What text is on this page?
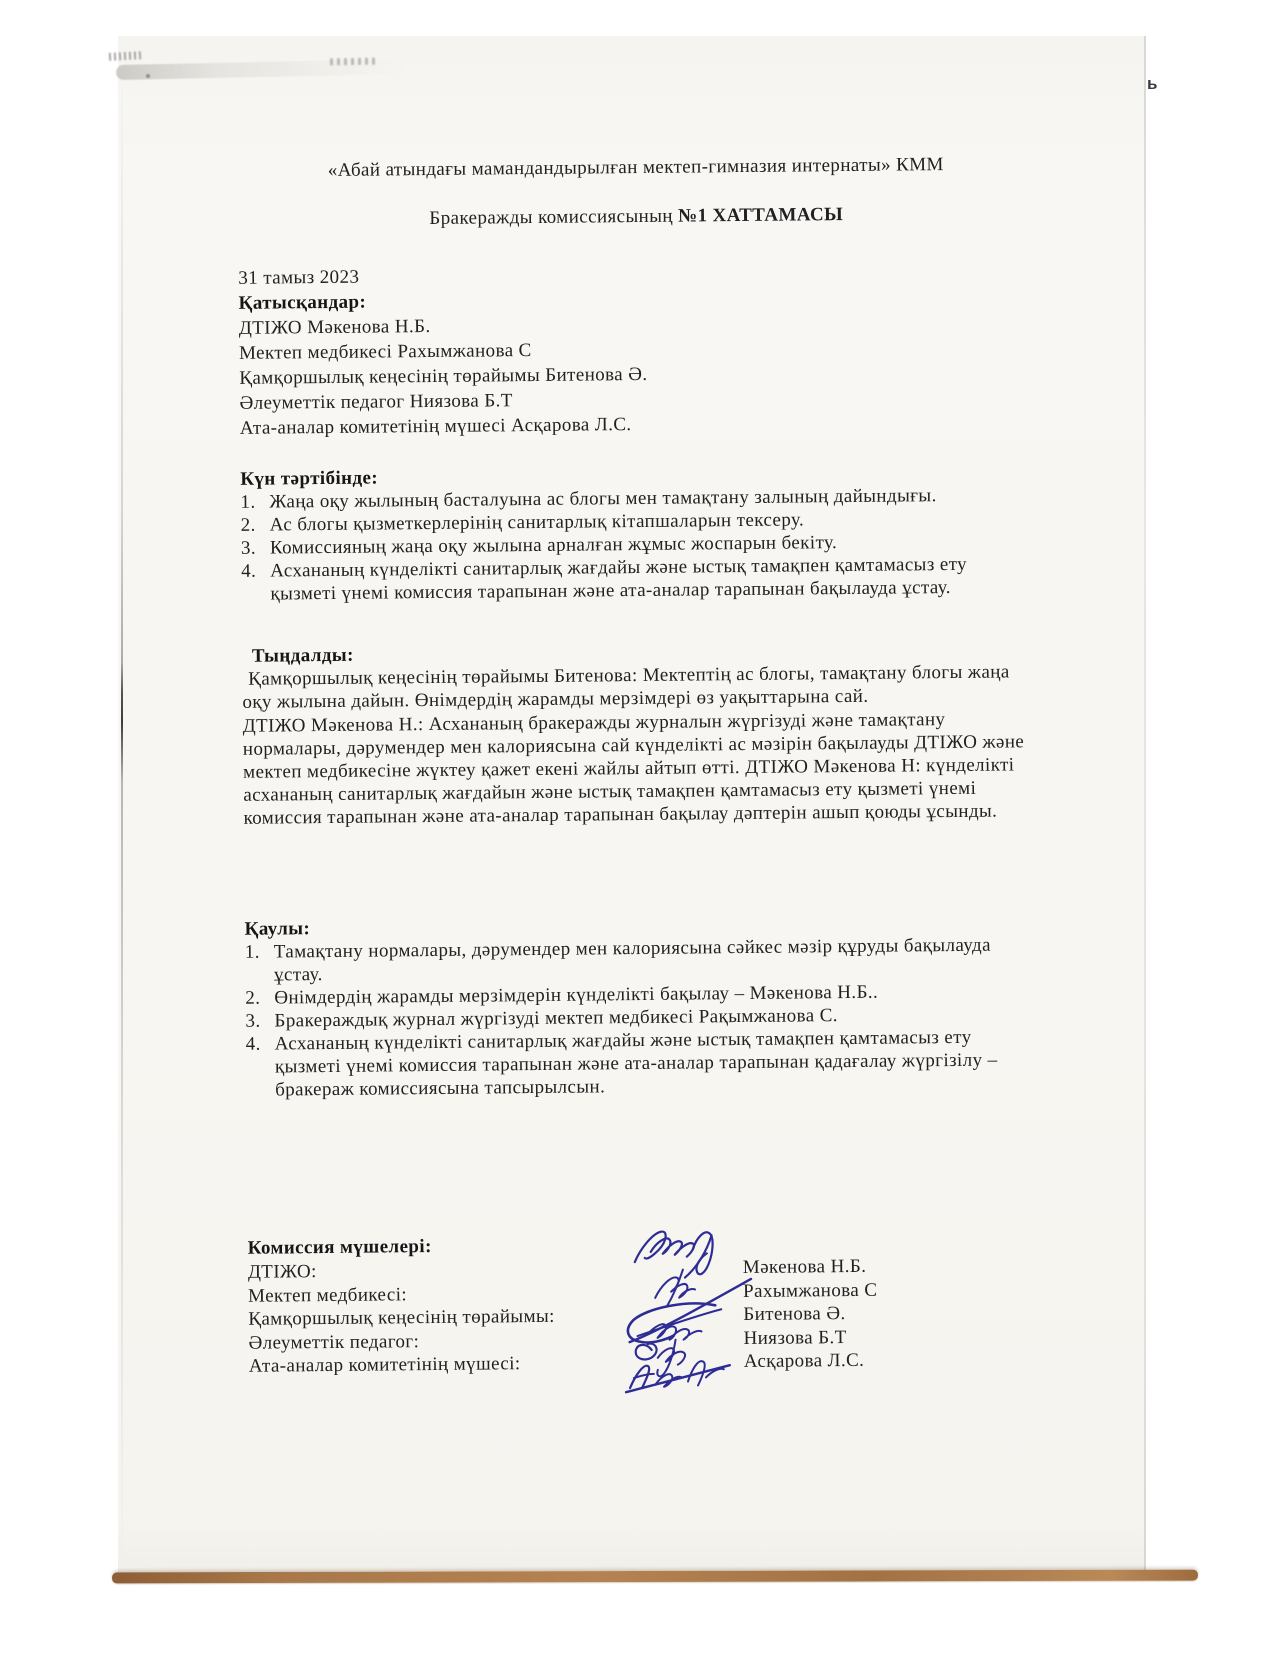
ь
«Абай атындағы мамандандырылған мектеп-гимназия интернаты» КММ
Бракеражды комиссиясының №1 ХАТТАМАСЫ
31 тамыз 2023
Қатысқандар:
ДТІЖО Мәкенова Н.Б.
Мектеп медбикесі Рахымжанова С
Қамқоршылық кеңесінің төрайымы Битенова Ә.
Әлеуметтік педагог Ниязова Б.Т
Ата-аналар комитетінің мүшесі Асқарова Л.С.
Күн тәртібінде:
1. Жаңа оқу жылының басталуына ас блогы мен тамақтану залының дайындығы.
2. Ас блогы қызметкерлерінің санитарлық кітапшаларын тексеру.
3. Комиссияның жаңа оқу жылына арналған жұмыс жоспарын бекіту.
4. Асхананың күнделікті санитарлық жағдайы және ыстық тамақпен қамтамасыз ету қызметі үнемі комиссия тарапынан және ата-аналар тарапынан бақылауда ұстау.
Тыңдалды:

Қамқоршылық кеңесінің төрайымы Битенова: Мектептің ас блогы, тамақтану блогы жаңа оқу жылына дайын. Өнімдердің жарамды мерзімдері өз уақыттарына сай.

ДТІЖО Мәкенова Н.: Асхананың бракеражды журналын жүргізуді және тамақтану нормалары, дәрумендер мен калориясына сай күнделікті ас мәзірін бақылауды ДТІЖО және мектеп медбикесіне жүктеу қажет екені жайлы айтып өтті. ДТІЖО Мәкенова Н: күнделікті асхананың санитарлық жағдайын және ыстық тамақпен қамтамасыз ету қызметі үнемі комиссия тарапынан және ата-аналар тарапынан бақылау дәптерін ашып қоюды ұсынды.

Қаулы:
1. Тамақтану нормалары, дәрумендер мен калориясына сәйкес мәзір құруды бақылауда ұстау.
2. Өнімдердің жарамды мерзімдерін күнделікті бақылау – Мәкенова Н.Б..
3. Бракераждық журнал жүргізуді мектеп медбикесі Рақымжанова С.
4. Асхананың күнделікті санитарлық жағдайы және ыстық тамақпен қамтамасыз ету қызметі үнемі комиссия тарапынан және ата-аналар тарапынан қадағалау жүргізілу – бракераж комиссиясына тапсырылсын.
Комиссия мүшелері:
ДТІЖО:	Мәкенова Н.Б.
Мектеп медбикесі:	Рахымжанова С
Қамқоршылық кеңесінің төрайымы:	Битенова Ә.
Әлеуметтік педагог:	Ниязова Б.Т
Ата-аналар комитетінің мүшесі:	Асқарова Л.С.
